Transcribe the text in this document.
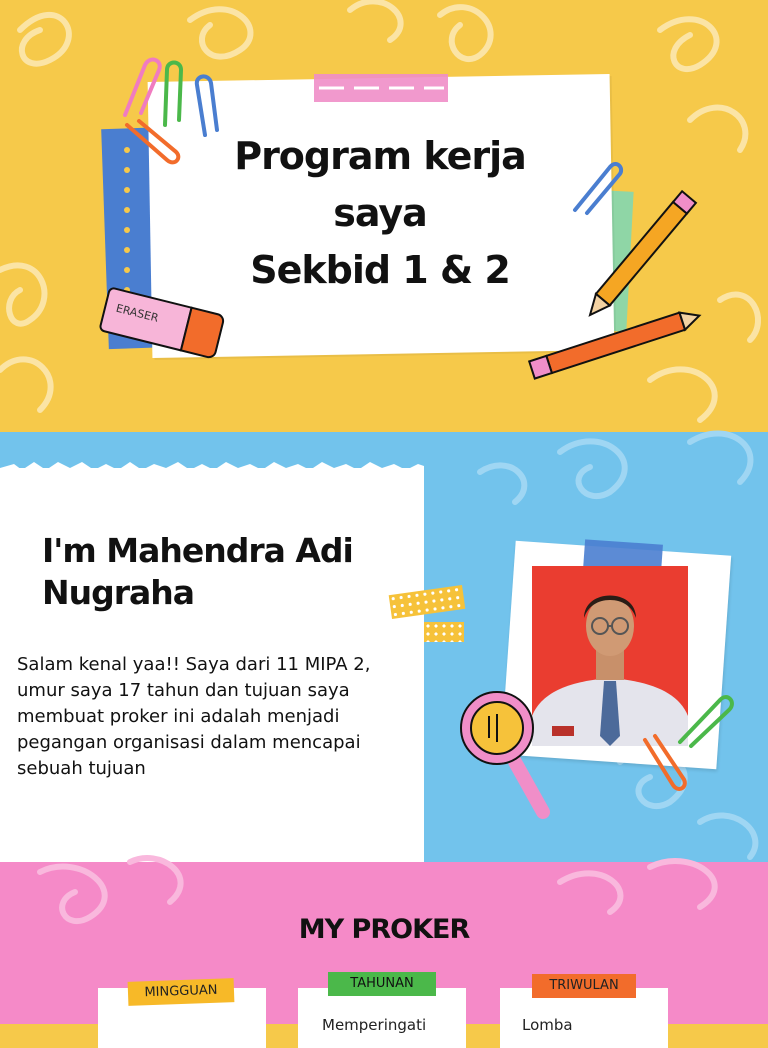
Program kerja
saya
Sekbid 1 & 2
ERASER
I'm Mahendra Adi Nugraha
Salam kenal yaa!! Saya dari 11 MIPA 2, umur saya 17 tahun dan tujuan saya membuat proker ini adalah menjadi pegangan organisasi dalam mencapai sebuah tujuan
MY PROKER
MINGGUAN	TAHUNAN
Memperingati
TRIWULAN
Lomba
